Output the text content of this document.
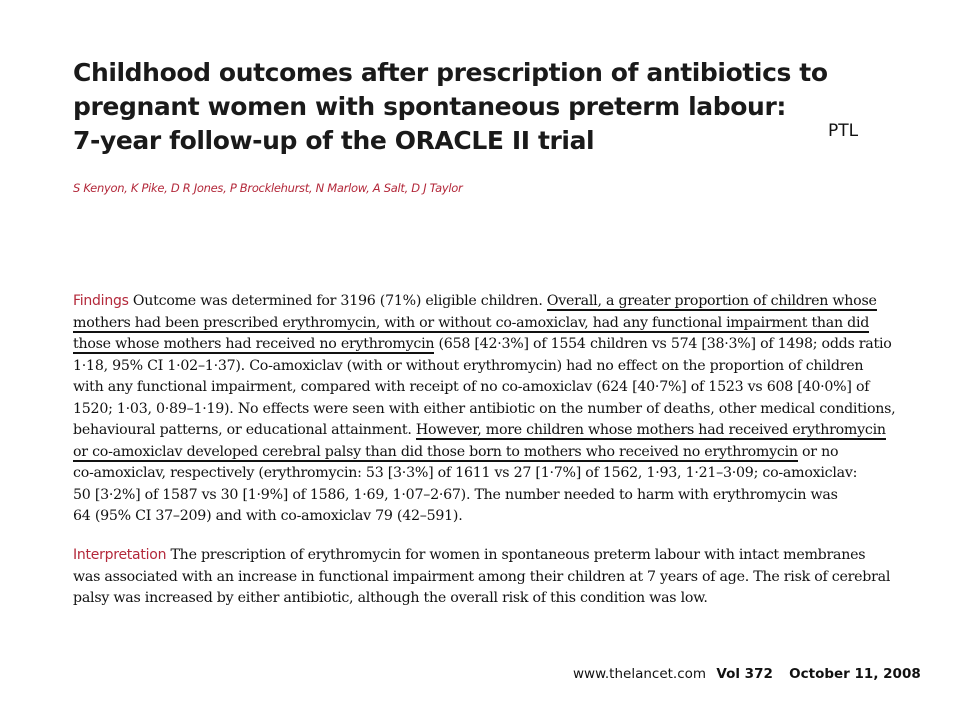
Childhood outcomes after prescription of antibiotics to
pregnant women with spontaneous preterm labour:
7-year follow-up of the ORACLE II trial	PTL
S Kenyon, K Pike, D R Jones, P Brocklehurst, N Marlow, A Salt, D J Taylor
Findings Outcome was determined for 3196 (71%) eligible children. Overall, a greater proportion of children whose
mothers had been prescribed erythromycin, with or without co-amoxiclav, had any functional impairment than did
those whose mothers had received no erythromycin (658 [42·3%] of 1554 children vs 574 [38·3%] of 1498; odds ratio
1·18, 95% CI 1·02–1·37). Co-amoxiclav (with or without erythromycin) had no effect on the proportion of children
with any functional impairment, compared with receipt of no co-amoxiclav (624 [40·7%] of 1523 vs 608 [40·0%] of
1520; 1·03, 0·89–1·19). No effects were seen with either antibiotic on the number of deaths, other medical conditions,
behavioural patterns, or educational attainment. However, more children whose mothers had received erythromycin
or co-amoxiclav developed cerebral palsy than did those born to mothers who received no erythromycin or no
co-amoxiclav, respectively (erythromycin: 53 [3·3%] of 1611 vs 27 [1·7%] of 1562, 1·93, 1·21–3·09; co-amoxiclav:
50 [3·2%] of 1587 vs 30 [1·9%] of 1586, 1·69, 1·07–2·67). The number needed to harm with erythromycin was
64 (95% CI 37–209) and with co-amoxiclav 79 (42–591).
Interpretation The prescription of erythromycin for women in spontaneous preterm labour with intact membranes
was associated with an increase in functional impairment among their children at 7 years of age. The risk of cerebral
palsy was increased by either antibiotic, although the overall risk of this condition was low.
www.thelancet.com Vol 372 October 11, 2008
